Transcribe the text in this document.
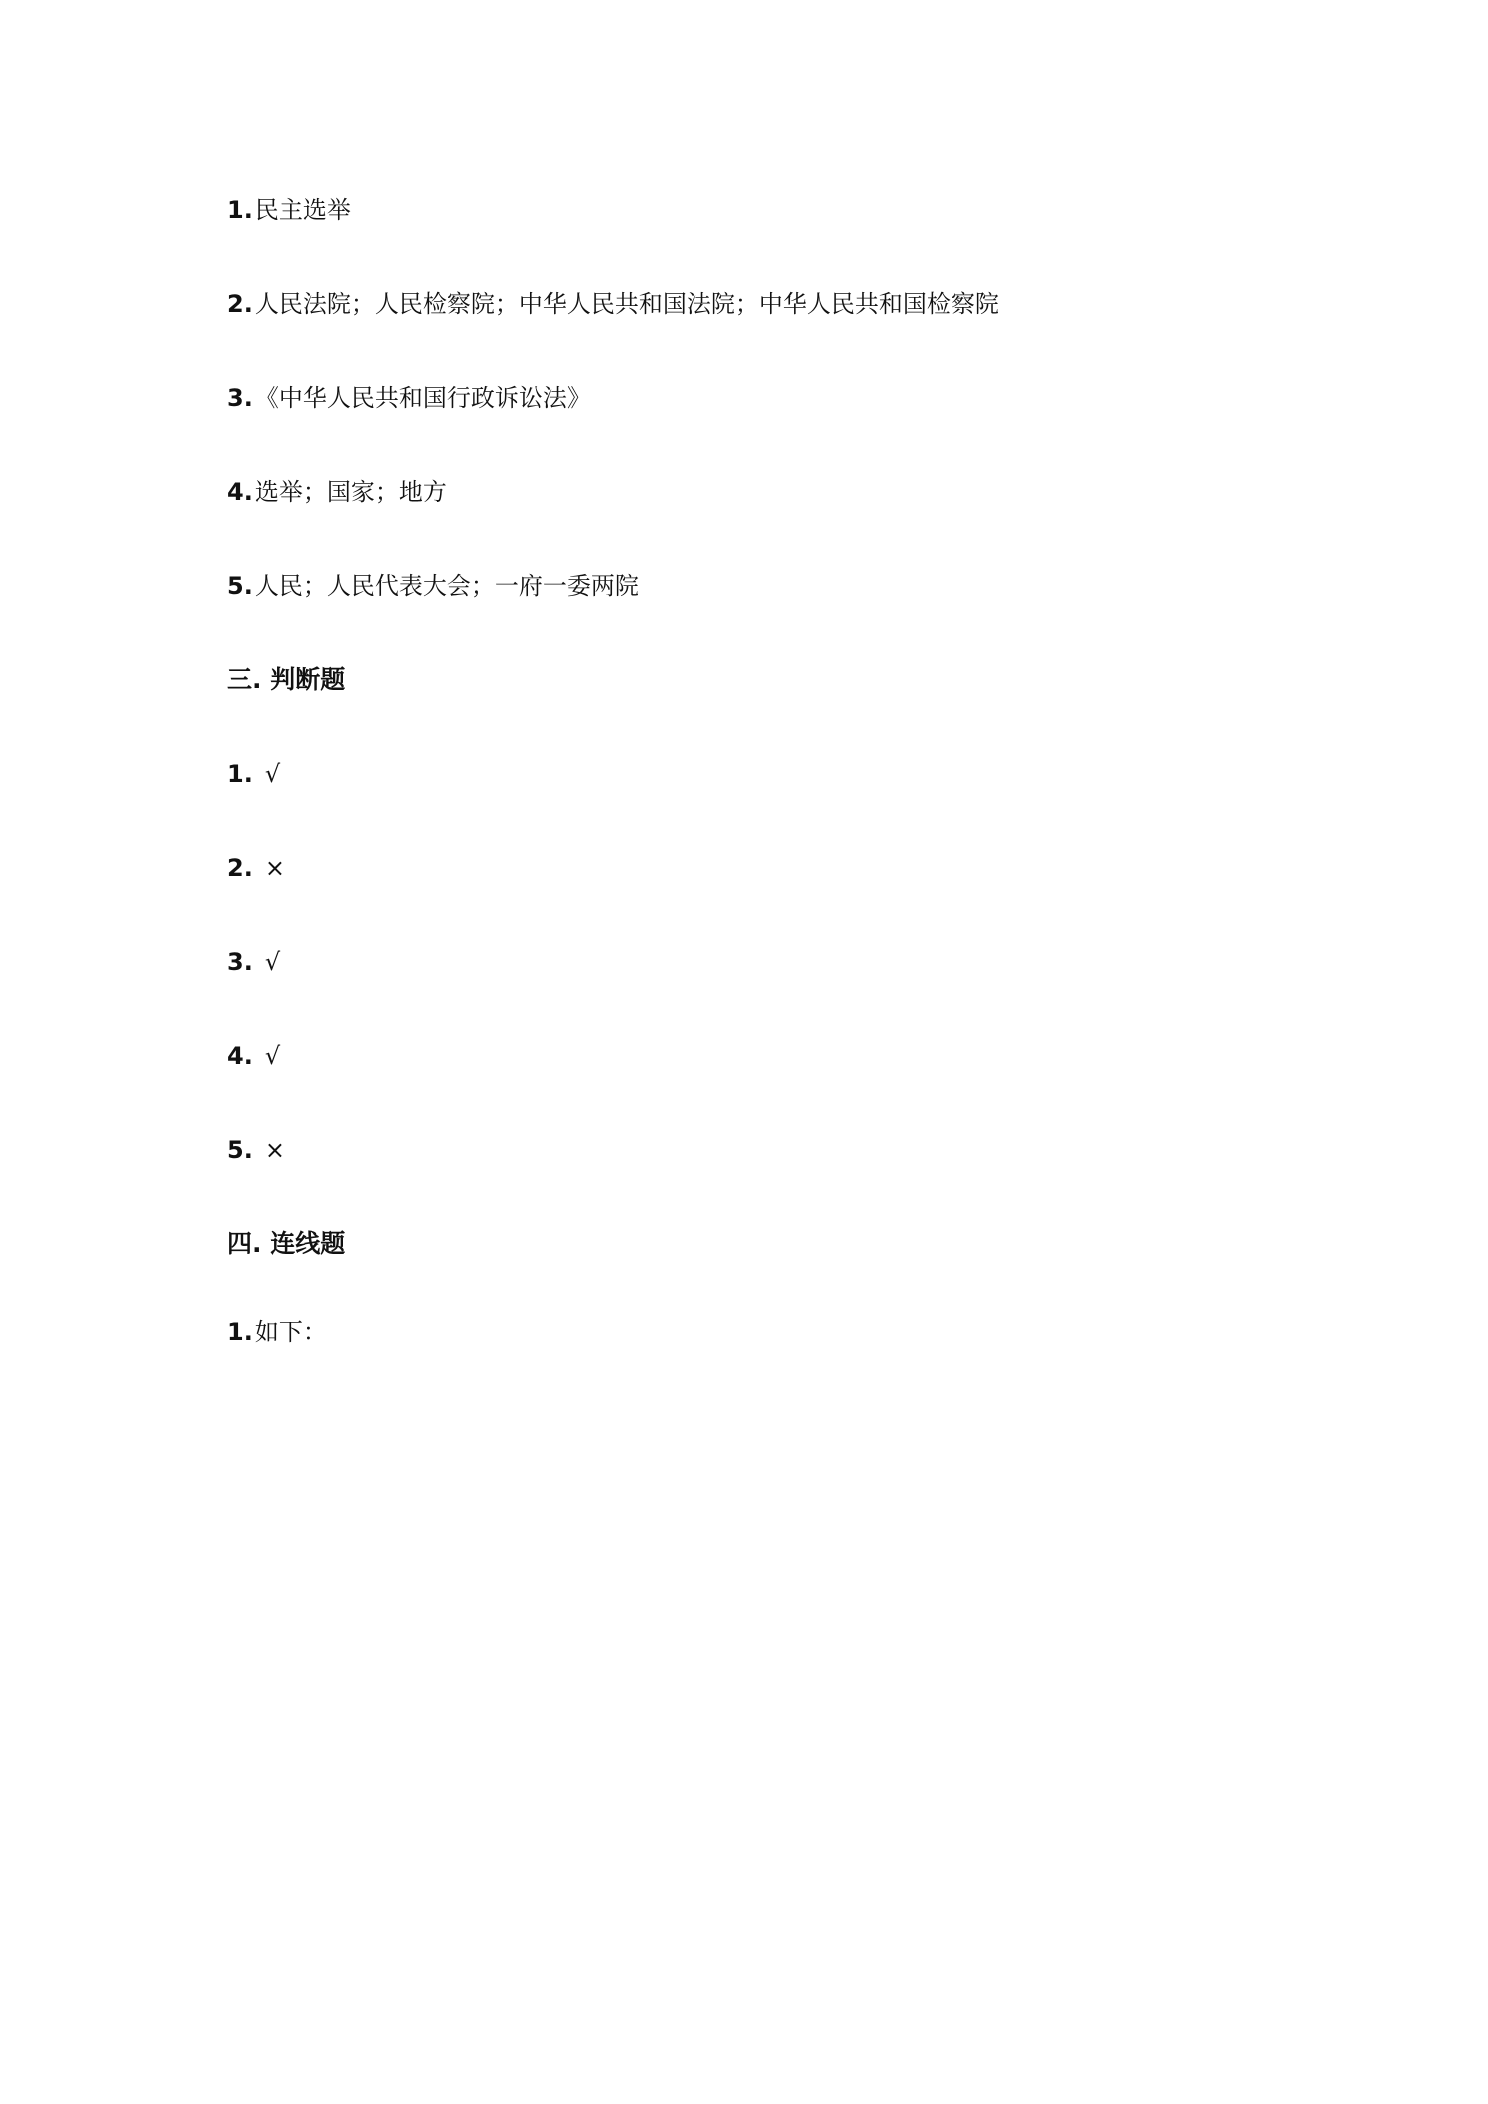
1.民主选举
2.人民法院；人民检察院；中华人民共和国法院；中华人民共和国检察院
3.《中华人民共和国行政诉讼法》
4.选举；国家；地方
5.人民；人民代表大会；一府一委两院
三. 判断题
1. √
2. ×
3. √
4. √
5. ×
四. 连线题
1.如下：
